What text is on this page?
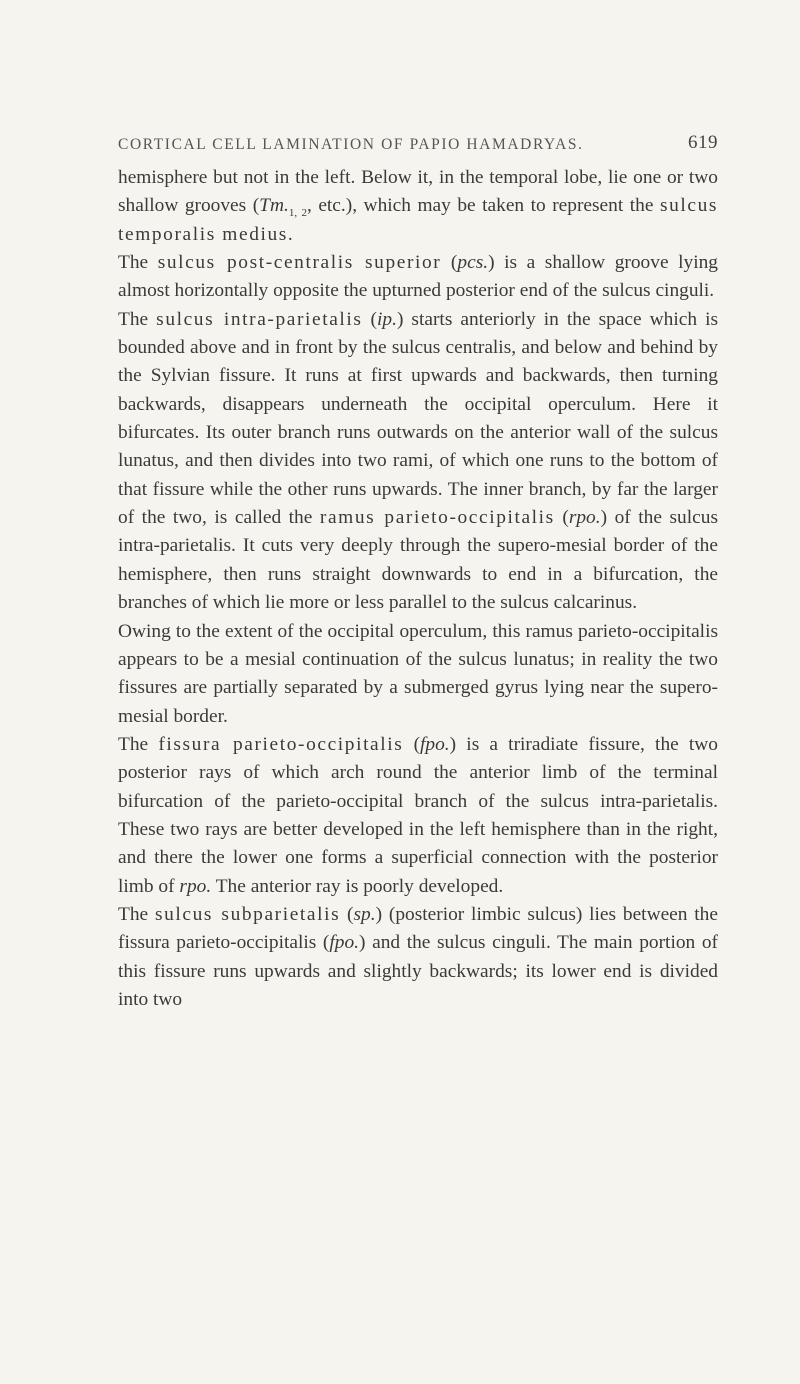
CORTICAL CELL LAMINATION OF PAPIO HAMADRYAS.	619

hemisphere but not in the left. Below it, in the temporal lobe, lie one or two shallow grooves ($Tm._{1, 2}$, etc.), which may be taken to represent the sulcus temporalis medius.

The sulcus post-centralis superior (pcs.) is a shallow groove lying almost horizontally opposite the upturned posterior end of the sulcus cinguli.

The sulcus intra-parietalis (ip.) starts anteriorly in the space which is bounded above and in front by the sulcus centralis, and below and behind by the Sylvian fissure. It runs at first upwards and backwards, then turning backwards, disappears underneath the occipital operculum. Here it bifurcates. Its outer branch runs outwards on the anterior wall of the sulcus lunatus, and then divides into two rami, of which one runs to the bottom of that fissure while the other runs upwards. The inner branch, by far the larger of the two, is called the ramus parieto-occipitalis (rpo.) of the sulcus intra-parietalis. It cuts very deeply through the supero-mesial border of the hemisphere, then runs straight downwards to end in a bifurcation, the branches of which lie more or less parallel to the sulcus calcarinus.

Owing to the extent of the occipital operculum, this ramus parieto-occipitalis appears to be a mesial continuation of the sulcus lunatus; in reality the two fissures are partially separated by a submerged gyrus lying near the supero-mesial border.

The fissura parieto-occipitalis (fpo.) is a triradiate fissure, the two posterior rays of which arch round the anterior limb of the terminal bifurcation of the parieto-occipital branch of the sulcus intra-parietalis. These two rays are better developed in the left hemisphere than in the right, and there the lower one forms a superficial connection with the posterior limb of rpo. The anterior ray is poorly developed.

The sulcus subparietalis (sp.) (posterior limbic sulcus) lies between the fissura parieto-occipitalis (fpo.) and the sulcus cinguli. The main portion of this fissure runs upwards and slightly backwards; its lower end is divided into two
